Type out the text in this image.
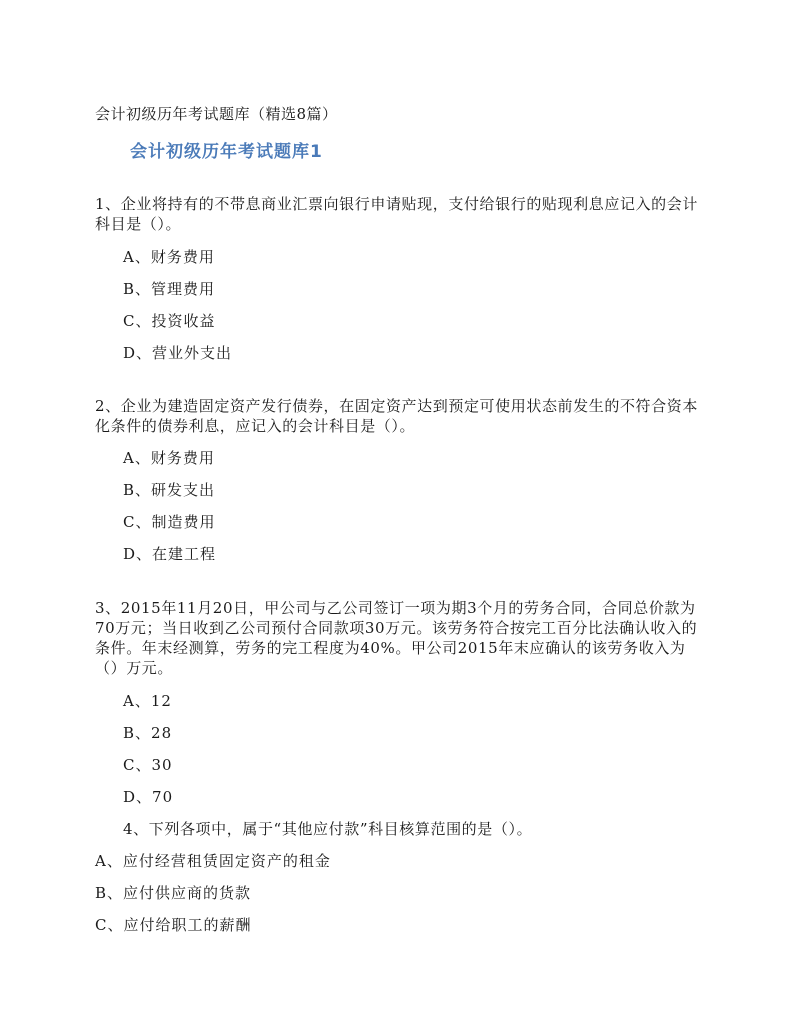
会计初级历年考试题库（精选8篇）
会计初级历年考试题库1
1、企业将持有的不带息商业汇票向银行申请贴现，支付给银行的贴现利息应记入的会计科目是（）。
A、财务费用
B、管理费用
C、投资收益
D、营业外支出
2、企业为建造固定资产发行债券，在固定资产达到预定可使用状态前发生的不符合资本化条件的债券利息，应记入的会计科目是（）。
A、财务费用
B、研发支出
C、制造费用
D、在建工程
3、2015年11月20日，甲公司与乙公司签订一项为期3个月的劳务合同，合同总价款为70万元；当日收到乙公司预付合同款项30万元。该劳务符合按完工百分比法确认收入的条件。年末经测算，劳务的完工程度为40%。甲公司2015年末应确认的该劳务收入为（）万元。
A、12
B、28
C、30
D、70
4、下列各项中，属于“其他应付款”科目核算范围的是（）。
A、应付经营租赁固定资产的租金
B、应付供应商的货款
C、应付给职工的薪酬
